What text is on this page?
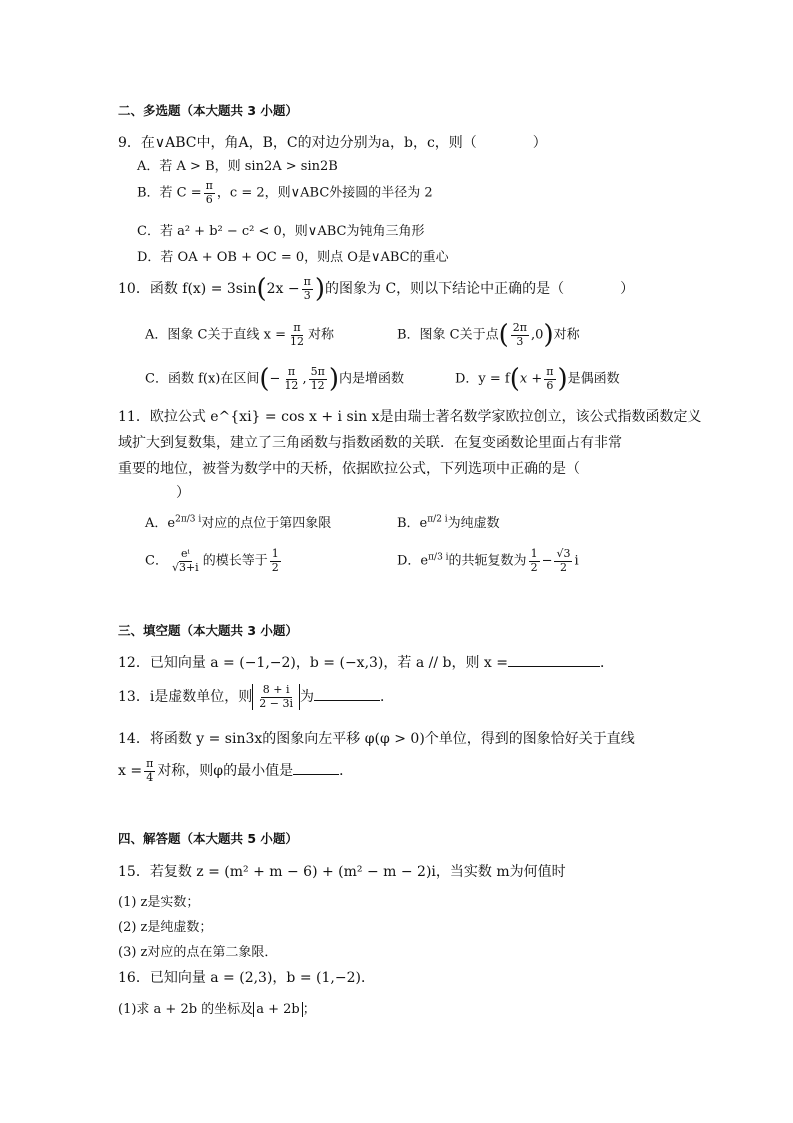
二、多选题（本大题共 3 小题）
9．在∨ABC中，角A，B，C的对边分别为a，b，c，则（　　　　）
A．若 A > B，则 sin2A > sin2B
B．若 $C = \frac{\pi}{6}$ ，c = 2，则∨ABC外接圆的半径为 2
C．若 a² + b² − c² < 0，则∨ABC为钝角三角形
D．若 OA + OB + OC = 0，则点 O是∨ABC的重心
10．函数 $f(x) = 3\sin(2x - \frac{\pi}{3}$ )的图象为 C，则以下结论中正确的是（　　　　）
A．图象 C关于直线 $x = \frac{\pi}{12}$ 对称	B．图象 C关于点( $\frac{2\pi}{3} ,0$)对称
C．函数 f(x)在区间(− $\frac{\pi}{12}$ , $\frac{5\pi}{12}$ )内是增函数	D．$y = f(x + \frac{\pi}{6}$ )是偶函数
11．欧拉公式 e^{xi} = cos x + i sin x是由瑞士著名数学家欧拉创立，该公式指数函数定义
域扩大到复数集，建立了三角函数与指数函数的关联．在复变函数论里面占有非常
重要的地位，被誉为数学中的天桥，依据欧拉公式，下列选项中正确的是（
）
A．$e^{2\pi/3 i}$对应的点位于第四象限	B．$e^{\pi/2 i}$为纯虚数
C． $\frac{\text{eⁱ}}{√3+i}$ 的模长等于 $\frac{1}{2}$	D．$e^{\pi/3 i}$的共轭复数为 $\frac{1}{2} - \frac{√3}{2}$ i
三、填空题（本大题共 3 小题）
12．已知向量 a = (−1,−2)，b = (−x,3)，若 a // b，则 x =	．
13．i是虚数单位，则 $\frac{8 + i}{2 - 3i}$ 为	．
14．将函数 y = sin3x的图象向左平移 φ(φ > 0)个单位，得到的图象恰好关于直线
$x = \frac{\pi}{4}$ 对称，则φ的最小值是	．
四、解答题（本大题共 5 小题）
15．若复数 z = (m² + m − 6) + (m² − m − 2)i，当实数 m为何值时
(1) z是实数；
(2) z是纯虚数；
(3) z对应的点在第二象限．
16．已知向量 a = (2,3)，b = (1,−2)．
(1)求 a + 2b 的坐标及 a + 2b ；
